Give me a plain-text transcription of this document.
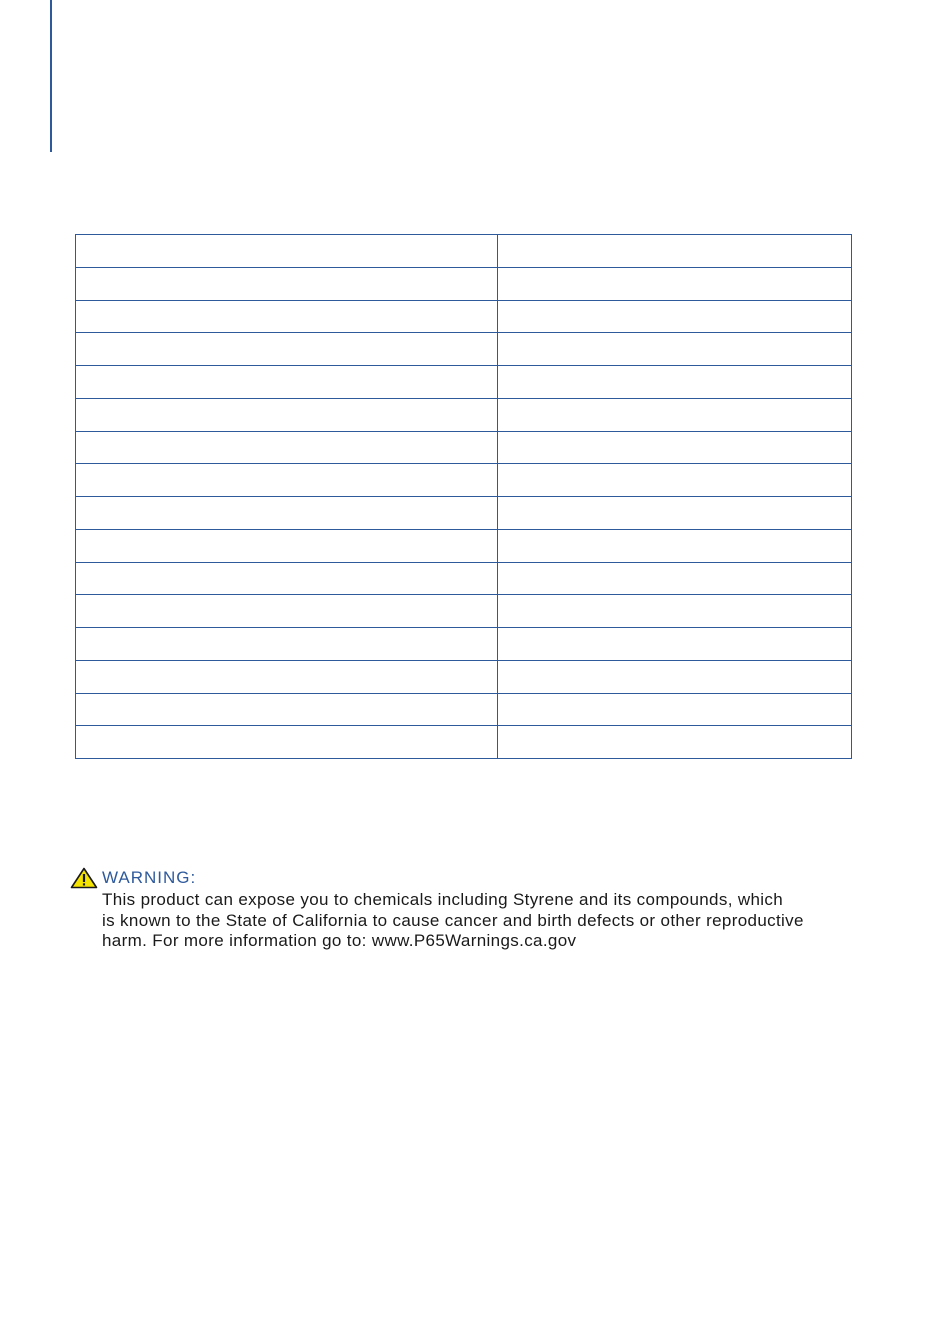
WARNING:
This product can expose you to chemicals including Styrene and its compounds, which
is known to the State of California to cause cancer and birth defects or other reproductive
harm. For more information go to: www.P65Warnings.ca.gov
